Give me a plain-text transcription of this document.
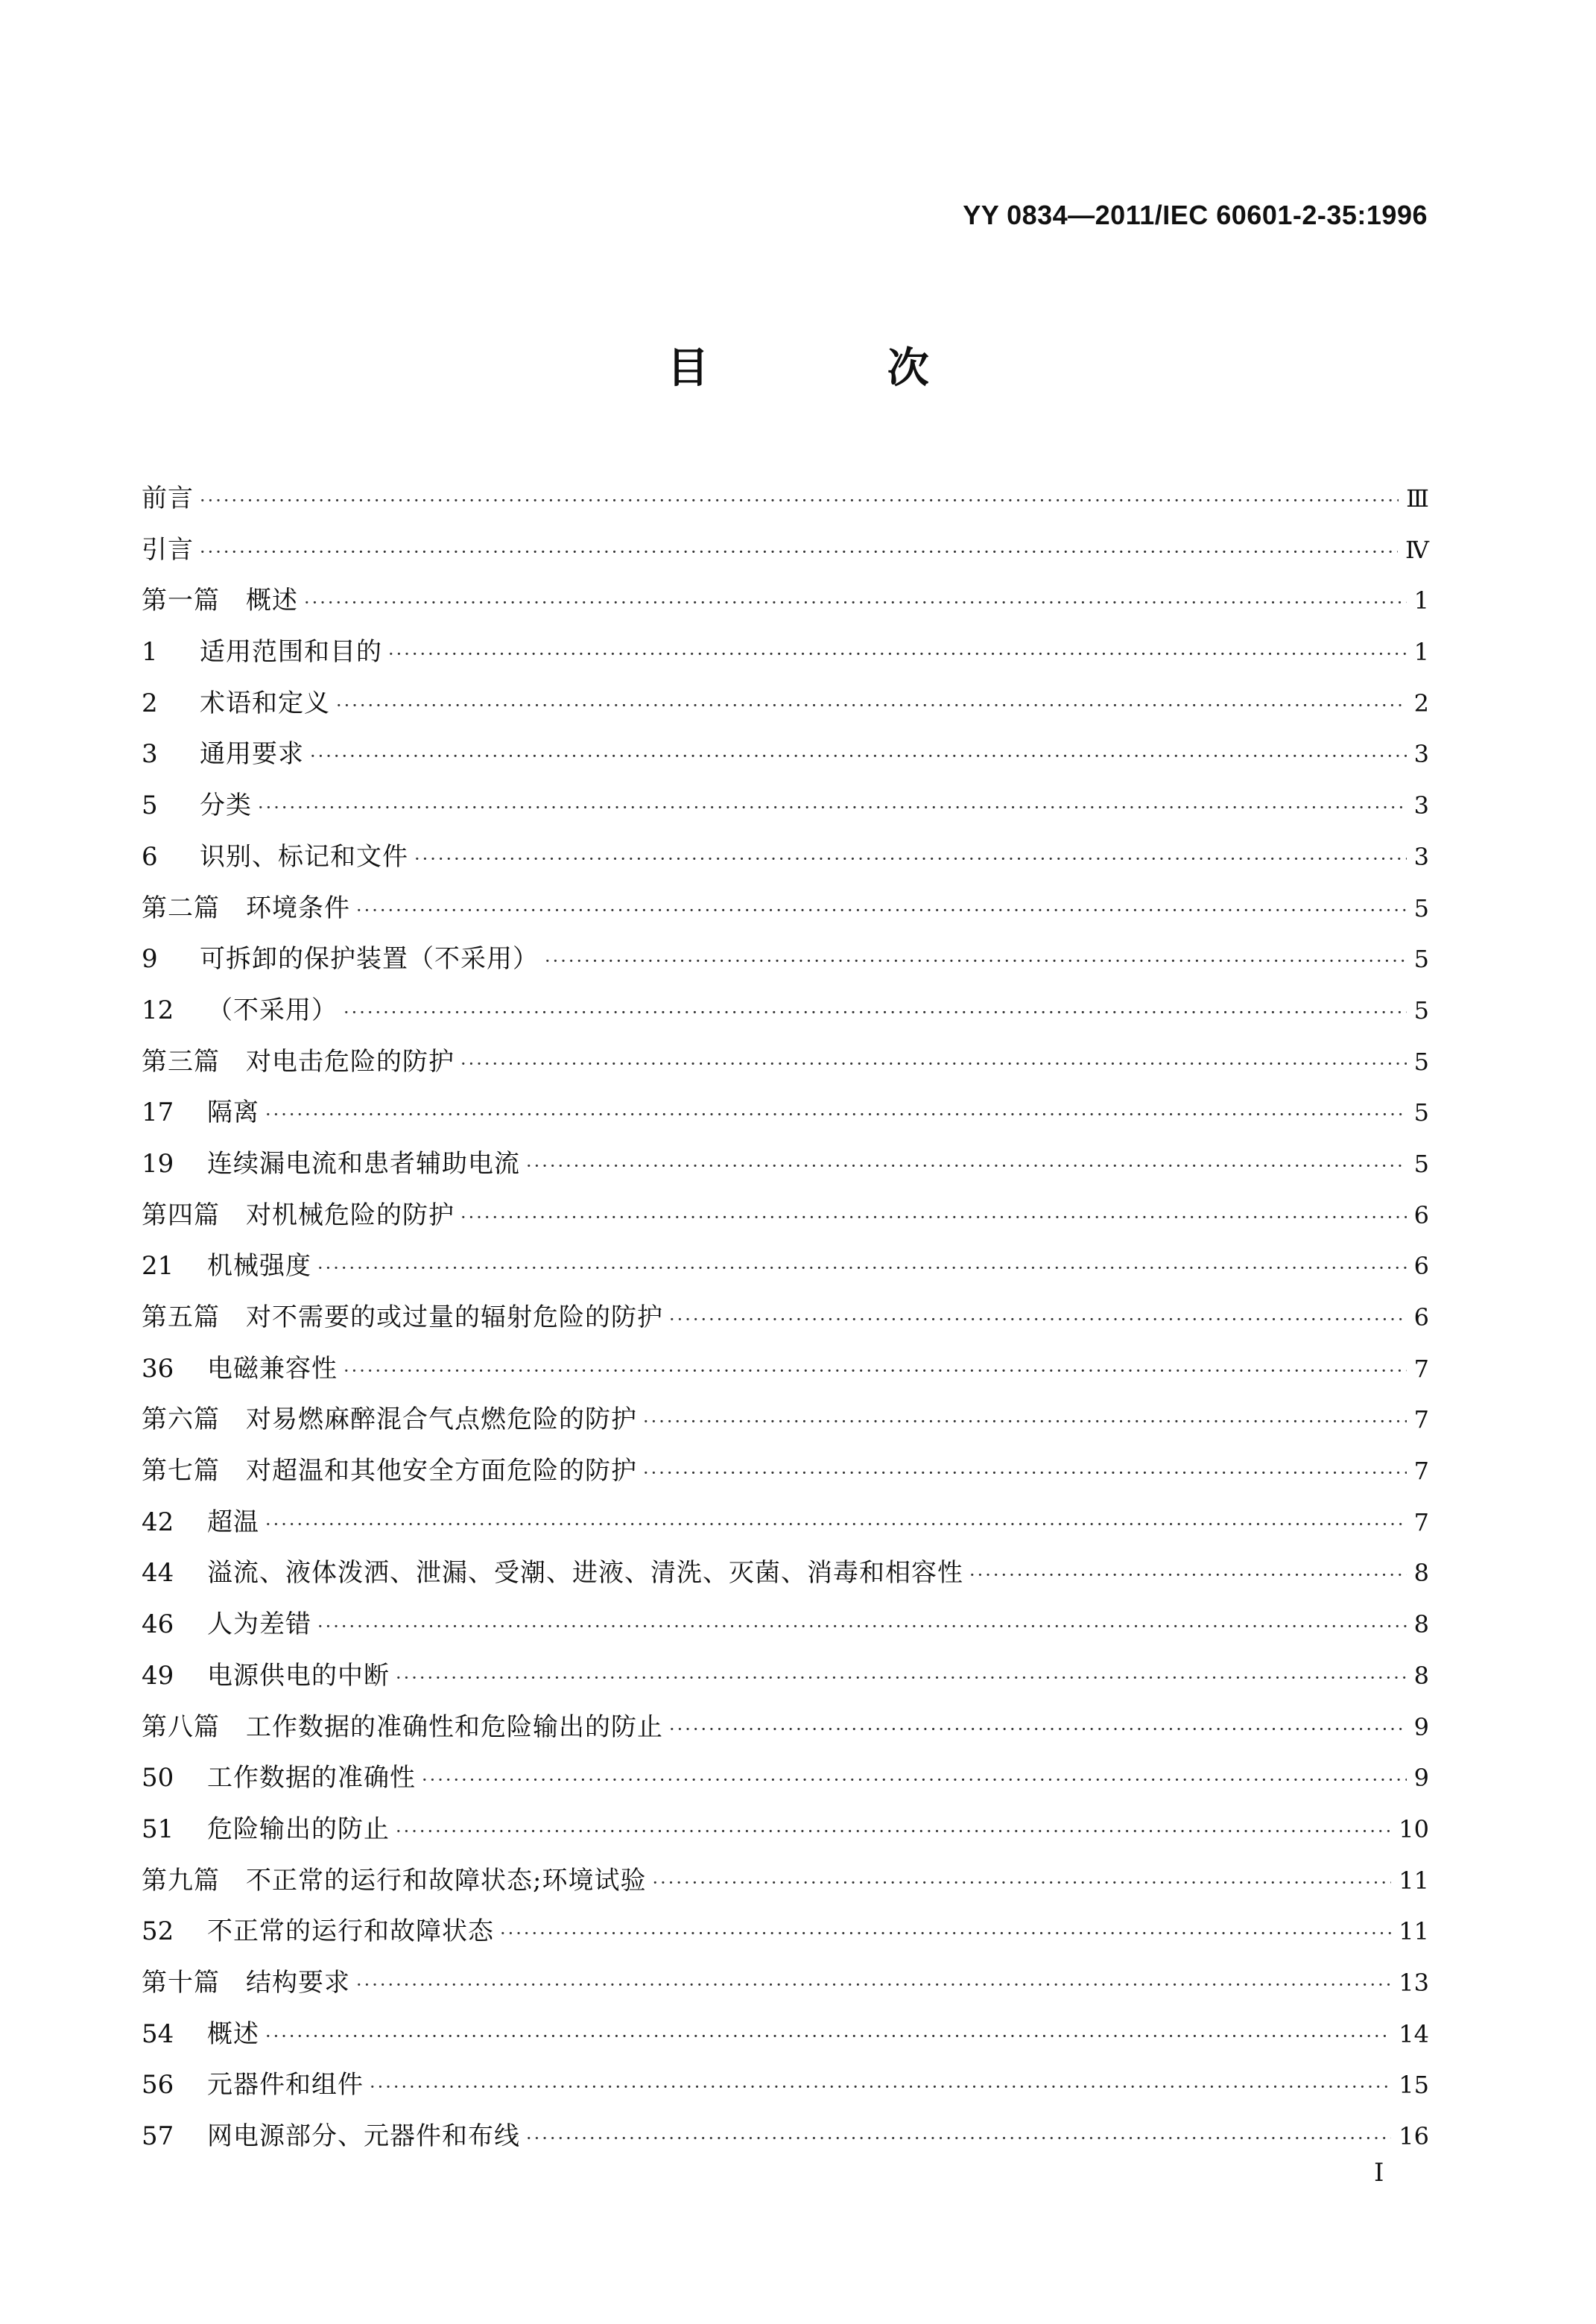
YY 0834—2011/IEC 60601-2-35:1996
目 次
前言 ·····	Ⅲ
引言 ·····	Ⅳ
第一篇　概述 ·····	1
1	适用范围和目的 ·····	1
2	术语和定义 ·····	2
3	通用要求 ·····	3
5	分类 ·····	3
6	识别、标记和文件 ·····	3
第二篇　环境条件 ·····	5
9	可拆卸的保护装置（不采用） ·····	5
12	（不采用） ·····	5
第三篇　对电击危险的防护 ·····	5
17	隔离 ·····	5
19	连续漏电流和患者辅助电流 ·····	5
第四篇　对机械危险的防护 ·····	6
21	机械强度 ·····	6
第五篇　对不需要的或过量的辐射危险的防护 ·····	6
36	电磁兼容性 ·····	7
第六篇　对易燃麻醉混合气点燃危险的防护 ·····	7
第七篇　对超温和其他安全方面危险的防护 ·····	7
42	超温 ·····	7
44	溢流、液体泼洒、泄漏、受潮、进液、清洗、灭菌、消毒和相容性 ·····	8
46	人为差错 ·····	8
49	电源供电的中断 ·····	8
第八篇　工作数据的准确性和危险输出的防止 ·····	9
50	工作数据的准确性 ·····	9
51	危险输出的防止 ·····	10
第九篇　不正常的运行和故障状态;环境试验 ·····	11
52	不正常的运行和故障状态 ·····	11
第十篇　结构要求 ·····	13
54	概述 ·····	14
56	元器件和组件 ·····	15
57	网电源部分、元器件和布线 ·····	16
I
